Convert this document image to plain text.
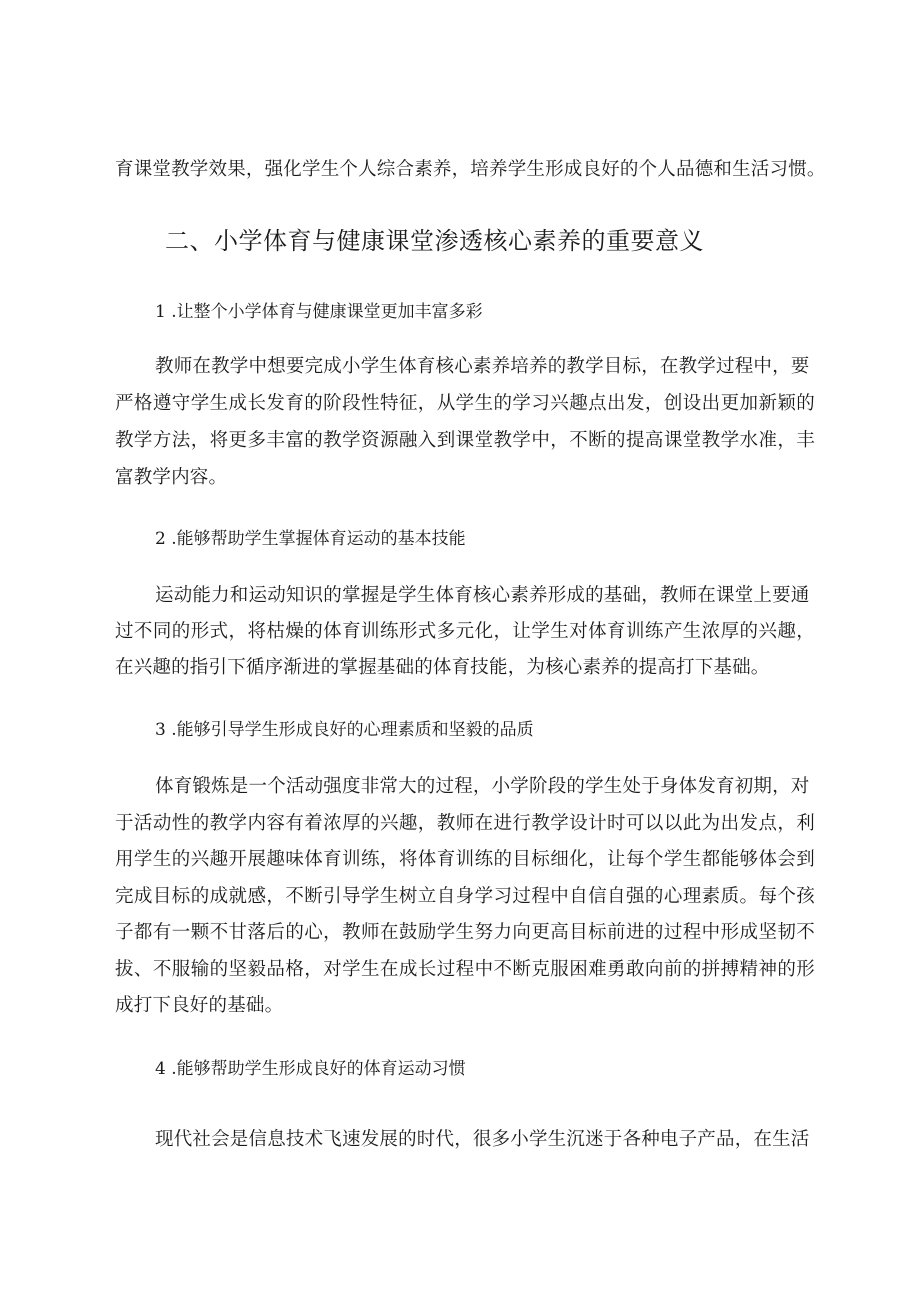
育课堂教学效果，强化学生个人综合素养，培养学生形成良好的个人品德和生活习惯。
二、小学体育与健康课堂渗透核心素养的重要意义
1 .让整个小学体育与健康课堂更加丰富多彩
教师在教学中想要完成小学生体育核心素养培养的教学目标，在教学过程中，要
严格遵守学生成长发育的阶段性特征，从学生的学习兴趣点出发，创设出更加新颖的
教学方法，将更多丰富的教学资源融入到课堂教学中，不断的提高课堂教学水准，丰
富教学内容。
2 .能够帮助学生掌握体育运动的基本技能
运动能力和运动知识的掌握是学生体育核心素养形成的基础，教师在课堂上要通
过不同的形式，将枯燥的体育训练形式多元化，让学生对体育训练产生浓厚的兴趣，
在兴趣的指引下循序渐进的掌握基础的体育技能，为核心素养的提高打下基础。
3 .能够引导学生形成良好的心理素质和坚毅的品质
体育锻炼是一个活动强度非常大的过程，小学阶段的学生处于身体发育初期，对
于活动性的教学内容有着浓厚的兴趣，教师在进行教学设计时可以以此为出发点，利
用学生的兴趣开展趣味体育训练，将体育训练的目标细化，让每个学生都能够体会到
完成目标的成就感，不断引导学生树立自身学习过程中自信自强的心理素质。每个孩
子都有一颗不甘落后的心，教师在鼓励学生努力向更高目标前进的过程中形成坚韧不
拔、不服输的坚毅品格，对学生在成长过程中不断克服困难勇敢向前的拼搏精神的形
成打下良好的基础。
4 .能够帮助学生形成良好的体育运动习惯
现代社会是信息技术飞速发展的时代，很多小学生沉迷于各种电子产品，在生活
